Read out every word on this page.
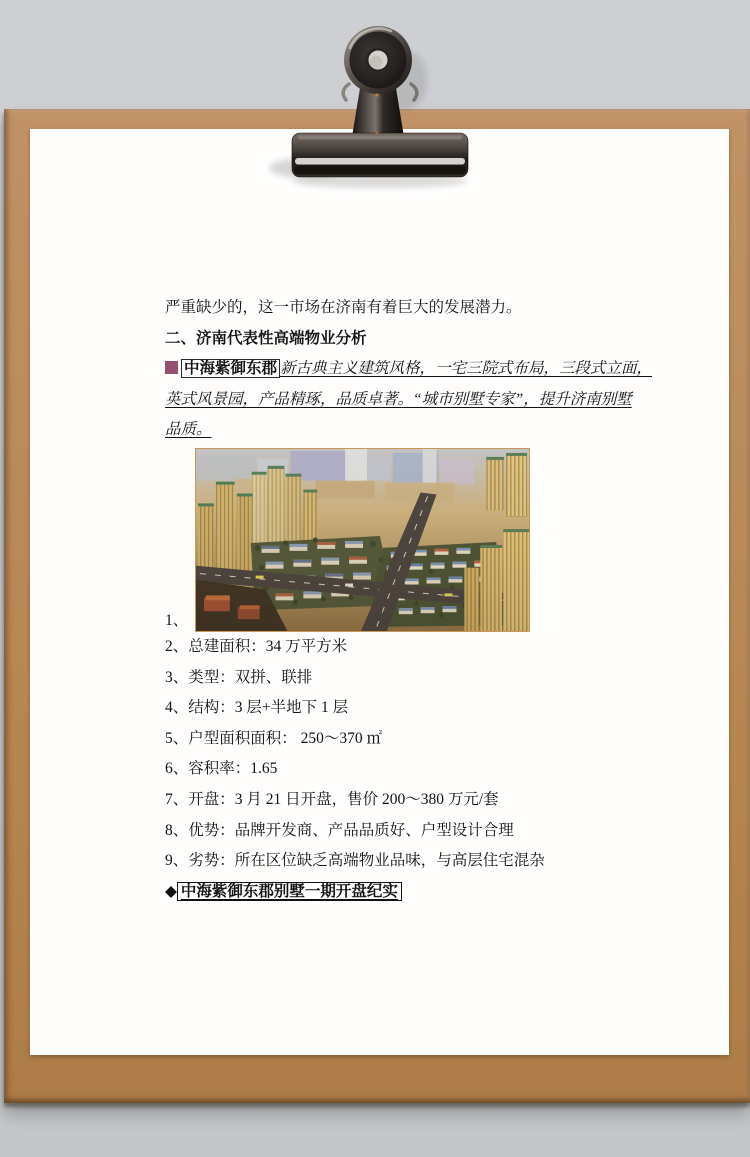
严重缺少的，这一市场在济南有着巨大的发展潜力。
二、济南代表性高端物业分析
中海紫御东郡 新古典主义建筑风格，一宅三院式布局，三段式立面，
英式风景园，产品精琢，品质卓著。“城市别墅专家”，提升济南别墅
品质。
1、
2、总建面积：34 万平方米
3、类型：双拼、联排
4、结构：3 层+半地下 1 层
5、户型面积面积： 250～370 ㎡
6、容积率：1.65
7、开盘：3 月 21 日开盘，售价 200～380 万元/套
8、优势：品牌开发商、产品品质好、户型设计合理
9、劣势：所在区位缺乏高端物业品味，与高层住宅混杂
◆ 中海紫御东郡别墅一期开盘纪实
